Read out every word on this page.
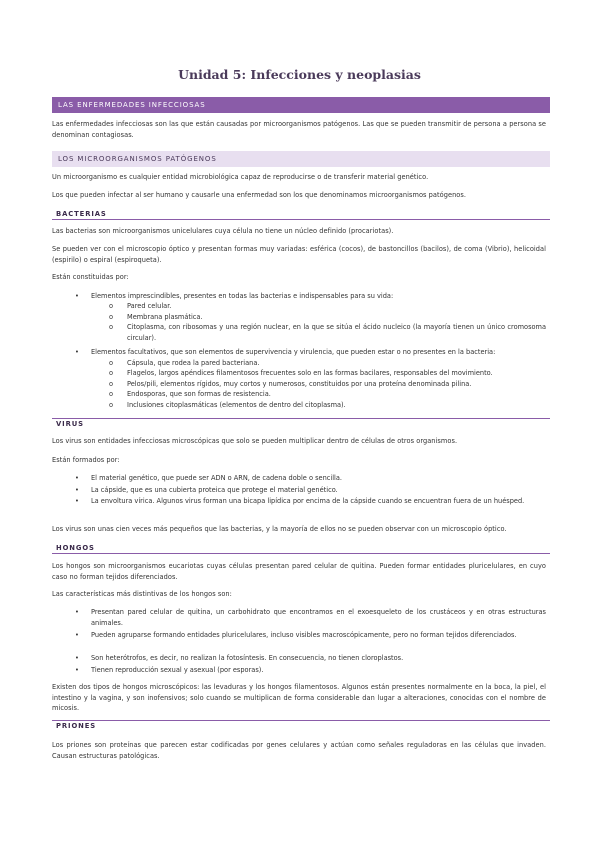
Unidad 5: Infecciones y neoplasias
LAS ENFERMEDADES INFECCIOSAS

Las enfermedades infecciosas son las que están causadas por microorganismos patógenos. Las que se pueden transmitir de persona a persona se denominan contagiosas.

LOS MICROORGANISMOS PATÓGENOS

Un microorganismo es cualquier entidad microbiológica capaz de reproducirse o de transferir material genético.

Los que pueden infectar al ser humano y causarle una enfermedad son los que denominamos microorganismos patógenos.

BACTERIAS

Las bacterias son microorganismos unicelulares cuya célula no tiene un núcleo definido (procariotas).

Se pueden ver con el microscopio óptico y presentan formas muy variadas: esférica (cocos), de bastoncillos (bacilos), de coma (Vibrio), helicoidal (espirilo) o espiral (espiroqueta).

Están constituidas por:

• Elementos imprescindibles, presentes en todas las bacterias e indispensables para su vida:

o Pared celular.

o Membrana plasmática.

o Citoplasma, con ribosomas y una región nuclear, en la que se sitúa el ácido nucleico (la mayoría tienen un único cromosoma circular).

• Elementos facultativos, que son elementos de supervivencia y virulencia, que pueden estar o no presentes en la bacteria:

o Cápsula, que rodea la pared bacteriana.

o Flagelos, largos apéndices filamentosos frecuentes solo en las formas bacilares, responsables del movimiento.

o Pelos/pili, elementos rígidos, muy cortos y numerosos, constituidos por una proteína denominada pilina.

o Endosporas, que son formas de resistencia.

o Inclusiones citoplasmáticas (elementos de dentro del citoplasma).

VIRUS

Los virus son entidades infecciosas microscópicas que solo se pueden multiplicar dentro de células de otros organismos.

Están formados por:

• El material genético, que puede ser ADN o ARN, de cadena doble o sencilla.

• La cápside, que es una cubierta proteica que protege el material genético.

• La envoltura vírica. Algunos virus forman una bicapa lipídica por encima de la cápside cuando se encuentran fuera de un huésped.

Los virus son unas cien veces más pequeños que las bacterias, y la mayoría de ellos no se pueden observar con un microscopio óptico.

HONGOS

Los hongos son microorganismos eucariotas cuyas células presentan pared celular de quitina. Pueden formar entidades pluricelulares, en cuyo caso no forman tejidos diferenciados.

Las características más distintivas de los hongos son:

• Presentan pared celular de quitina, un carbohidrato que encontramos en el exoesqueleto de los crustáceos y en otras estructuras animales.

• Pueden agruparse formando entidades pluricelulares, incluso visibles macroscópicamente, pero no forman tejidos diferenciados.

• Son heterótrofos, es decir, no realizan la fotosíntesis. En consecuencia, no tienen cloroplastos.

• Tienen reproducción sexual y asexual (por esporas).

Existen dos tipos de hongos microscópicos: las levaduras y los hongos filamentosos. Algunos están presentes normalmente en la boca, la piel, el intestino y la vagina, y son inofensivos; solo cuando se multiplican de forma considerable dan lugar a alteraciones, conocidas con el nombre de micosis.

PRIONES

Los priones son proteínas que parecen estar codificadas por genes celulares y actúan como señales reguladoras en las células que invaden. Causan estructuras patológicas.
